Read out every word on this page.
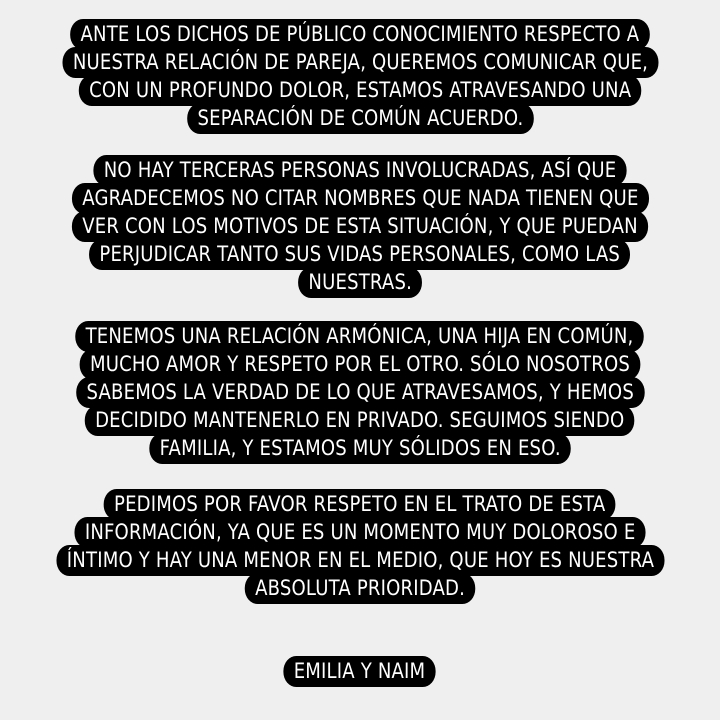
ANTE LOS DICHOS DE PÚBLICO CONOCIMIENTO RESPECTO A
NUESTRA RELACIÓN DE PAREJA, QUEREMOS COMUNICAR QUE,
CON UN PROFUNDO DOLOR, ESTAMOS ATRAVESANDO UNA
SEPARACIÓN DE COMÚN ACUERDO.
NO HAY TERCERAS PERSONAS INVOLUCRADAS, ASÍ QUE
AGRADECEMOS NO CITAR NOMBRES QUE NADA TIENEN QUE
VER CON LOS MOTIVOS DE ESTA SITUACIÓN, Y QUE PUEDAN
PERJUDICAR TANTO SUS VIDAS PERSONALES, COMO LAS
NUESTRAS.
TENEMOS UNA RELACIÓN ARMÓNICA, UNA HIJA EN COMÚN,
MUCHO AMOR Y RESPETO POR EL OTRO. SÓLO NOSOTROS
SABEMOS LA VERDAD DE LO QUE ATRAVESAMOS, Y HEMOS
DECIDIDO MANTENERLO EN PRIVADO. SEGUIMOS SIENDO
FAMILIA, Y ESTAMOS MUY SÓLIDOS EN ESO.
PEDIMOS POR FAVOR RESPETO EN EL TRATO DE ESTA
INFORMACIÓN, YA QUE ES UN MOMENTO MUY DOLOROSO E
ÍNTIMO Y HAY UNA MENOR EN EL MEDIO, QUE HOY ES NUESTRA
ABSOLUTA PRIORIDAD.
EMILIA Y NAIM
